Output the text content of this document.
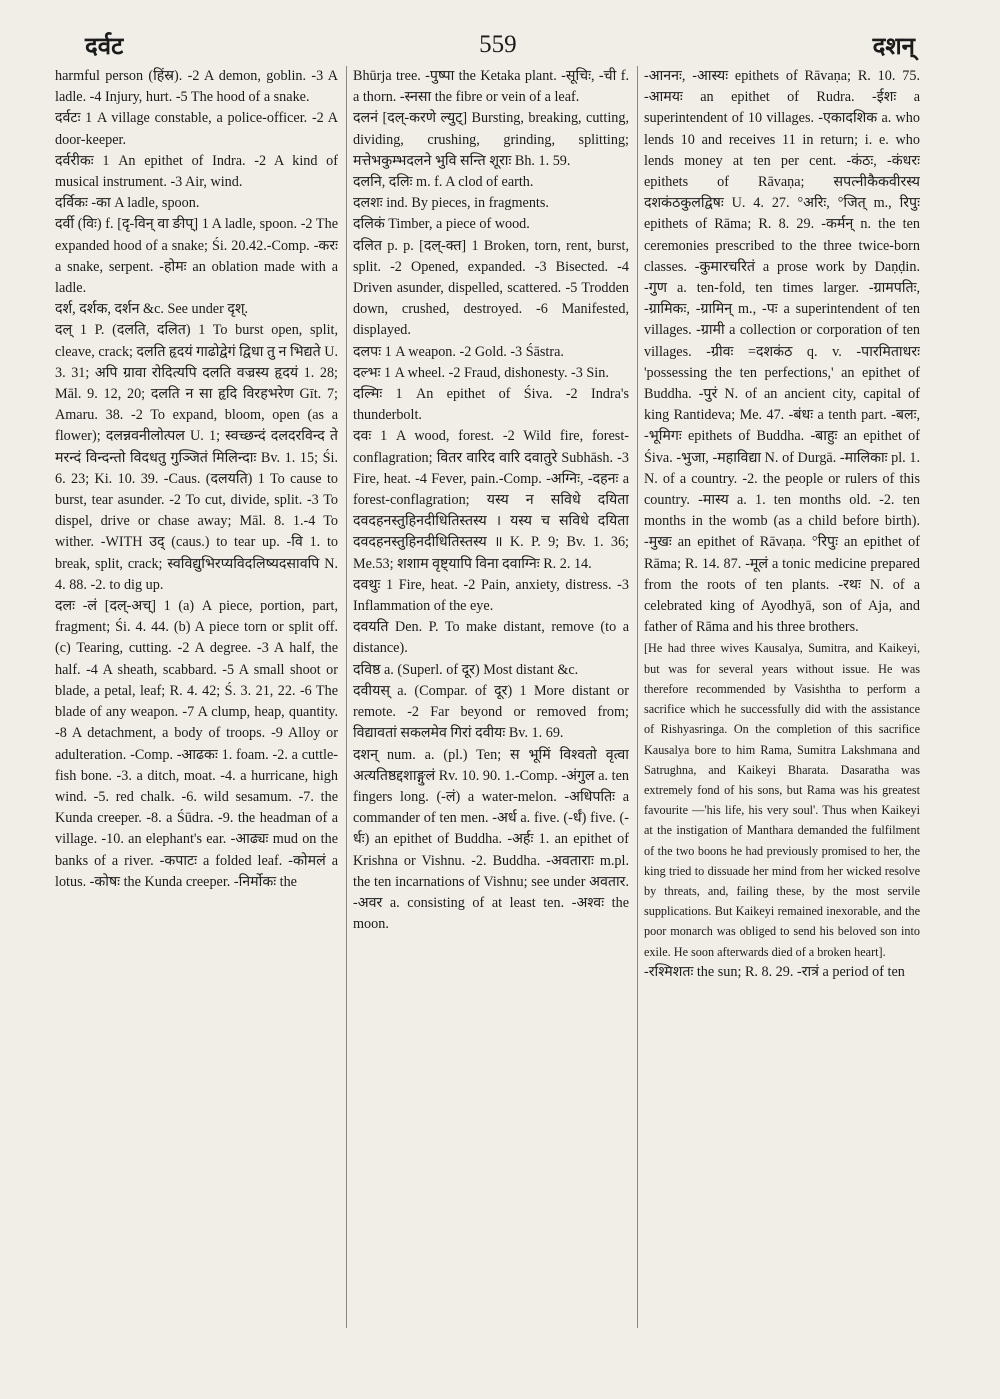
दर्वट	559	दशन्

harmful person (हिंस्र). -2 A demon, goblin. -3 A ladle. -4 Injury, hurt. -5 The hood of a snake.

दर्वटः 1 A village constable, a police-officer. -2 A door-keeper.

दर्वरीकः 1 An epithet of Indra. -2 A kind of musical instrument. -3 Air, wind.

दर्विकः -का A ladle, spoon.

दर्वी (विः) f. [दृ-विन् वा ङीप्] 1 A ladle, spoon. -2 The expanded hood of a snake; Śi. 20.42.-Comp. -करः a snake, serpent. -होमः an oblation made with a ladle.

दर्श, दर्शक, दर्शन &c. See under दृश्.

दल् 1 P. (दलति, दलित) 1 To burst open, split, cleave, crack; दलति हृदयं गाढोद्वेगं द्विधा तु न भिद्यते U. 3. 31; अपि ग्रावा रोदित्यपि दलति वज्रस्य हृदयं 1. 28; Māl. 9. 12, 20; दलति न सा हृदि विरहभरेण Gīt. 7; Amaru. 38. -2 To expand, bloom, open (as a flower); दलन्नवनीलोत्पल U. 1; स्वच्छन्दं दलदरविन्द ते मरन्दं विन्दन्तो विदधतु गुञ्जितं मिलिन्दाः Bv. 1. 15; Śi. 6. 23; Ki. 10. 39. -Caus. (दलयति) 1 To cause to burst, tear asunder. -2 To cut, divide, split. -3 To dispel, drive or chase away; Māl. 8. 1.-4 To wither. -WITH उद् (caus.) to tear up. -वि 1. to break, split, crack; स्वविद्युभिरप्यविदलिष्यदसावपि N. 4. 88. -2. to dig up.

दलः -लं [दल्-अच्] 1 (a) A piece, portion, part, fragment; Śi. 4. 44. (b) A piece torn or split off. (c) Tearing, cutting. -2 A degree. -3 A half, the half. -4 A sheath, scabbard. -5 A small shoot or blade, a petal, leaf; R. 4. 42; Ś. 3. 21, 22. -6 The blade of any weapon. -7 A clump, heap, quantity. -8 A detachment, a body of troops. -9 Alloy or adulteration. -Comp. -आढकः 1. foam. -2. a cuttle-fish bone. -3. a ditch, moat. -4. a hurricane, high wind. -5. red chalk. -6. wild sesamum. -7. the Kunda creeper. -8. a Śūdra. -9. the headman of a village. -10. an elephant's ear. -आढ्यः mud on the banks of a river. -कपाटः a folded leaf. -कोमलं a lotus. -कोषः the Kunda creeper. -निर्मोकः the

Bhūrja tree. -पुष्पा the Ketaka plant. -सूचिः, -ची f. a thorn. -स्नसा the fibre or vein of a leaf.

दलनं [दल्-करणे ल्युट्] Bursting, breaking, cutting, dividing, crushing, grinding, splitting; मत्तेभकुम्भदलने भुवि सन्ति शूराः Bh. 1. 59.

दलनि, दलिः m. f. A clod of earth.

दलशः ind. By pieces, in fragments.

दलिकं Timber, a piece of wood.

दलित p. p. [दल्-क्त] 1 Broken, torn, rent, burst, split. -2 Opened, expanded. -3 Bisected. -4 Driven asunder, dispelled, scattered. -5 Trodden down, crushed, destroyed. -6 Manifested, displayed.

दलपः 1 A weapon. -2 Gold. -3 Śāstra.

दल्भः 1 A wheel. -2 Fraud, dishonesty. -3 Sin.

दल्मिः 1 An epithet of Śiva. -2 Indra's thunderbolt.

दवः 1 A wood, forest. -2 Wild fire, forest-conflagration; वितर वारिद वारि दवातुरे Subhāsh. -3 Fire, heat. -4 Fever, pain.-Comp. -अग्निः, -दहनः a forest-conflagration; यस्य न सविधे दयिता दवदहनस्तुहिनदीधितिस्तस्य । यस्य च सविधे दयिता दवदहनस्तुहिनदीधितिस्तस्य ॥ K. P. 9; Bv. 1. 36; Me.53; शशाम वृष्ट्यापि विना दवाग्निः R. 2. 14.

दवथुः 1 Fire, heat. -2 Pain, anxiety, distress. -3 Inflammation of the eye.

दवयति Den. P. To make distant, remove (to a distance).

दविष्ठ a. (Superl. of दूर) Most distant &c.

दवीयस् a. (Compar. of दूर) 1 More distant or remote. -2 Far beyond or removed from; विद्यावतां सकलमेव गिरां दवीयः Bv. 1. 69.

दशन् num. a. (pl.) Ten; स भूमिं विश्वतो वृत्वा अत्यतिष्ठद्दशाङ्गुलं Rv. 10. 90. 1.-Comp. -अंगुल a. ten fingers long. (-लं) a water-melon. -अधिपतिः a commander of ten men. -अर्ध a. five. (-र्धं) five. (-र्धः) an epithet of Buddha. -अर्हः 1. an epithet of Krishna or Vishnu. -2. Buddha. -अवताराः m.pl. the ten incarnations of Vishnu; see under अवतार. -अवर a. consisting of at least ten. -अश्वः the moon.

-आननः, -आस्यः epithets of Rāvaṇa; R. 10. 75. -आमयः an epithet of Rudra. -ईशः a superintendent of 10 villages. -एकादशिक a. who lends 10 and receives 11 in return; i. e. who lends money at ten per cent. -कंठः, -कंधरः epithets of Rāvaṇa; सपत्नीकैकवीरस्य दशकंठकुलद्विषः U. 4. 27. °अरिः, °जित् m., रिपुः epithets of Rāma; R. 8. 29. -कर्मन् n. the ten ceremonies prescribed to the three twice-born classes. -कुमारचरितं a prose work by Daṇḍin. -गुण a. ten-fold, ten times larger. -ग्रामपतिः, -ग्रामिकः, -ग्रामिन् m., -पः a superintendent of ten villages. -ग्रामी a collection or corporation of ten villages. -ग्रीवः =दशकंठ q. v. -पारमिताधरः 'possessing the ten perfections,' an epithet of Buddha. -पुरं N. of an ancient city, capital of king Rantideva; Me. 47. -बंधः a tenth part. -बलः, -भूमिगः epithets of Buddha. -बाहुः an epithet of Śiva. -भुजा, -महाविद्या N. of Durgā. -मालिकाः pl. 1. N. of a country. -2. the people or rulers of this country. -मास्य a. 1. ten months old. -2. ten months in the womb (as a child before birth). -मुखः an epithet of Rāvaṇa. °रिपुः an epithet of Rāma; R. 14. 87. -मूलं a tonic medicine prepared from the roots of ten plants. -रथः N. of a celebrated king of Ayodhyā, son of Aja, and father of Rāma and his three brothers.

[He had three wives Kausalya, Sumitra, and Kaikeyi, but was for several years without issue. He was therefore recommended by Vasishtha to perform a sacrifice which he successfully did with the assistance of Rishyasringa. On the completion of this sacrifice Kausalya bore to him Rama, Sumitra Lakshmana and Satrughna, and Kaikeyi Bharata. Dasaratha was extremely fond of his sons, but Rama was his greatest favourite —'his life, his very soul'. Thus when Kaikeyi at the instigation of Manthara demanded the fulfilment of the two boons he had previously promised to her, the king tried to dissuade her mind from her wicked resolve by threats, and, failing these, by the most servile supplications. But Kaikeyi remained inexorable, and the poor monarch was obliged to send his beloved son into exile. He soon afterwards died of a broken heart].

-रश्मिशतः the sun; R. 8. 29. -रात्रं a period of ten
